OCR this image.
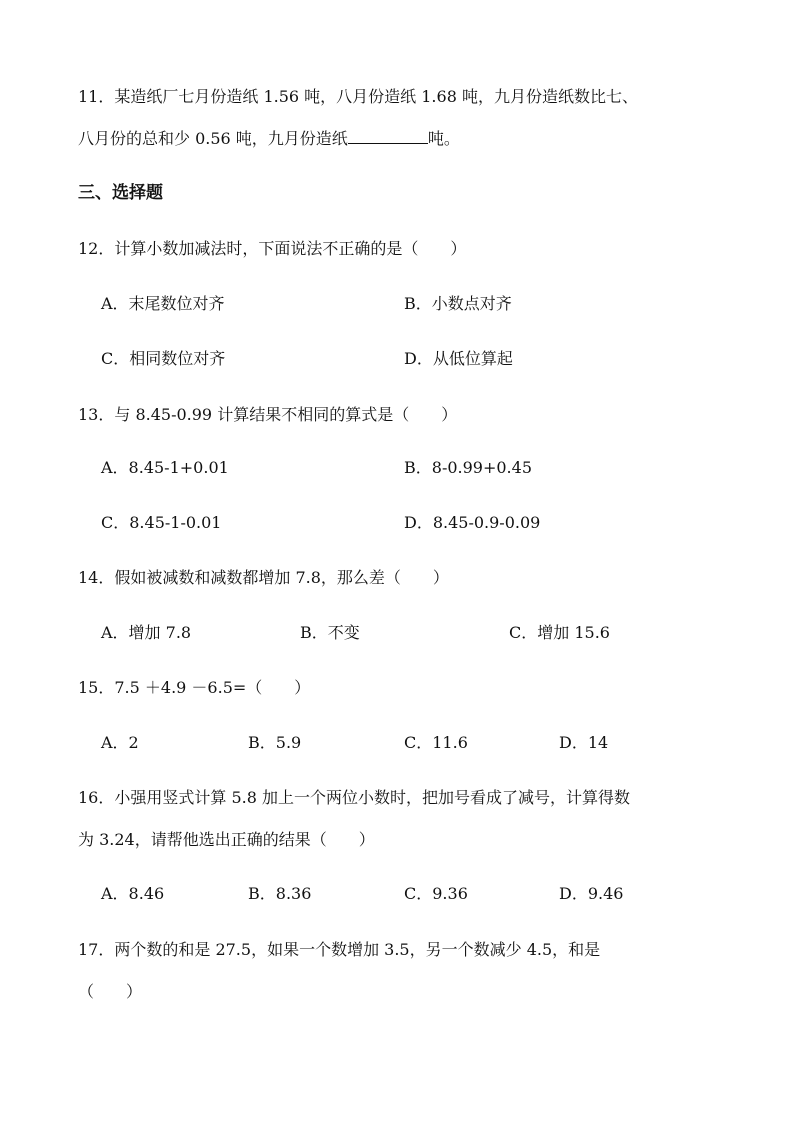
11．某造纸厂七月份造纸 1.56 吨，八月份造纸 1.68 吨，九月份造纸数比七、
八月份的总和少 0.56 吨，九月份造纸	吨。
三、选择题
12．计算小数加减法时，下面说法不正确的是（　　）
A．末尾数位对齐	B．小数点对齐
C．相同数位对齐	D．从低位算起
13．与 8.45-0.99 计算结果不相同的算式是（　　）
A．8.45-1+0.01	B．8-0.99+0.45
C．8.45-1-0.01	D．8.45-0.9-0.09
14．假如被减数和减数都增加 7.8，那么差（　　）
A．增加 7.8	B．不变	C．增加 15.6
15．7.5 ＋4.9 －6.5=（　　）
A．2	B．5.9	C．11.6	D．14
16．小强用竖式计算 5.8 加上一个两位小数时，把加号看成了减号，计算得数
为 3.24，请帮他选出正确的结果（　　）
A．8.46	B．8.36	C．9.36	D．9.46
17．两个数的和是 27.5，如果一个数增加 3.5，另一个数减少 4.5，和是
（　　）
